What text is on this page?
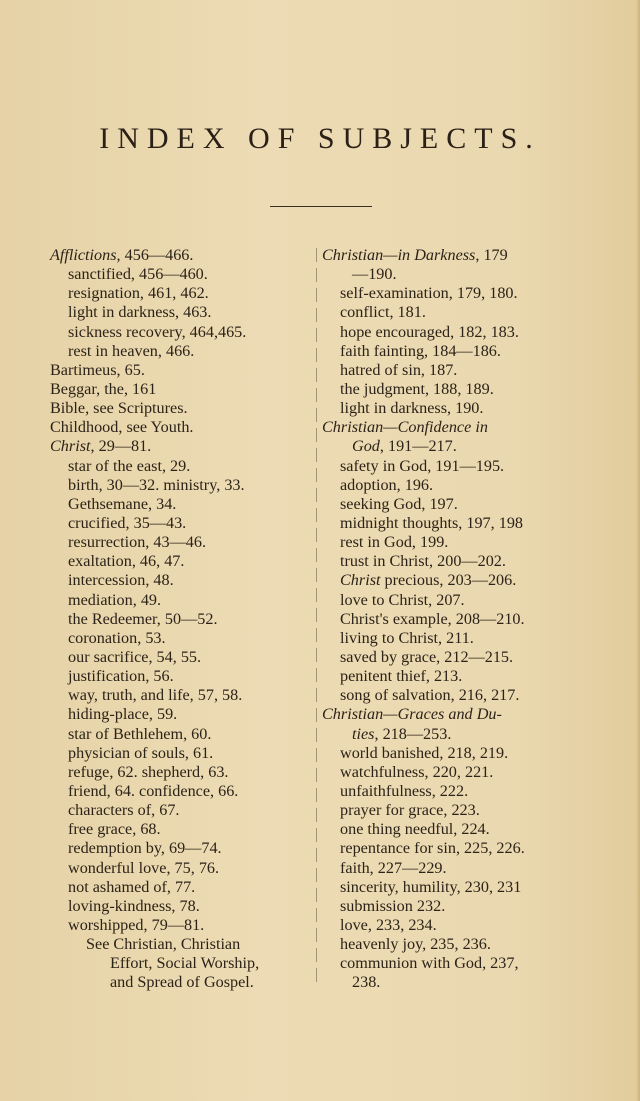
INDEX OF SUBJECTS.
Afflictions, 456—466.
sanctified, 456—460.
resignation, 461, 462.
light in darkness, 463.
sickness recovery, 464,465.
rest in heaven, 466.
Bartimeus, 65.
Beggar, the, 161
Bible, see Scriptures.
Childhood, see Youth.
Christ, 29—81.
star of the east, 29.
birth, 30—32. ministry, 33.
Gethsemane, 34.
crucified, 35—43.
resurrection, 43—46.
exaltation, 46, 47.
intercession, 48.
mediation, 49.
the Redeemer, 50—52.
coronation, 53.
our sacrifice, 54, 55.
justification, 56.
way, truth, and life, 57, 58.
hiding-place, 59.
star of Bethlehem, 60.
physician of souls, 61.
refuge, 62. shepherd, 63.
friend, 64. confidence, 66.
characters of, 67.
free grace, 68.
redemption by, 69—74.
wonderful love, 75, 76.
not ashamed of, 77.
loving-kindness, 78.
worshipped, 79—81.
See Christian, Christian
Effort, Social Worship,
and Spread of Gospel.
Christian—in Darkness, 179
—190.
self-examination, 179, 180.
conflict, 181.
hope encouraged, 182, 183.
faith fainting, 184—186.
hatred of sin, 187.
the judgment, 188, 189.
light in darkness, 190.
Christian—Confidence in
God, 191—217.
safety in God, 191—195.
adoption, 196.
seeking God, 197.
midnight thoughts, 197, 198
rest in God, 199.
trust in Christ, 200—202.
Christ precious, 203—206.
love to Christ, 207.
Christ's example, 208—210.
living to Christ, 211.
saved by grace, 212—215.
penitent thief, 213.
song of salvation, 216, 217.
Christian—Graces and Du-
ties, 218—253.
world banished, 218, 219.
watchfulness, 220, 221.
unfaithfulness, 222.
prayer for grace, 223.
one thing needful, 224.
repentance for sin, 225, 226.
faith, 227—229.
sincerity, humility, 230, 231
submission 232.
love, 233, 234.
heavenly joy, 235, 236.
communion with God, 237,
238.
